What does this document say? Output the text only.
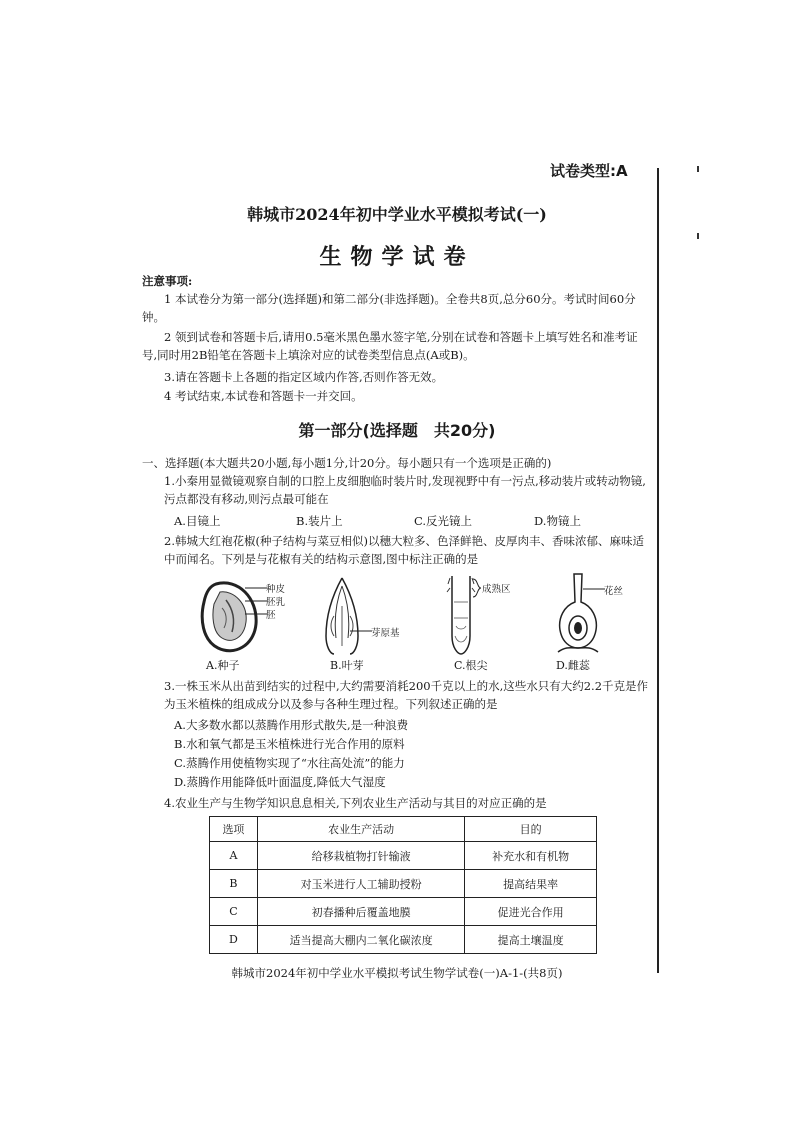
试卷类型:A
韩城市2024年初中学业水平模拟考试(一)
生物学试卷
注意事项:
1 本试卷分为第一部分(选择题)和第二部分(非选择题)。全卷共8页,总分60分。考试时间60分钟。
2 领到试卷和答题卡后,请用0.5毫米黑色墨水签字笔,分别在试卷和答题卡上填写姓名和准考证号,同时用2B铅笔在答题卡上填涂对应的试卷类型信息点(A或B)。
3.请在答题卡上各题的指定区域内作答,否则作答无效。
4 考试结束,本试卷和答题卡一并交回。
第一部分(选择题　共20分)
一、选择题(本大题共20小题,每小题1分,计20分。每小题只有一个选项是正确的)
1.小秦用显微镜观察自制的口腔上皮细胞临时装片时,发现视野中有一污点,移动装片或转动物镜,污点都没有移动,则污点最可能在
A.目镜上	B.装片上	C.反光镜上	D.物镜上
2.韩城大红袍花椒(种子结构与菜豆相似)以穗大粒多、色泽鲜艳、皮厚肉丰、香味浓郁、麻味适中而闻名。下列是与花椒有关的结构示意图,图中标注正确的是
种皮
胚乳
胚
A.种子
芽原基
B.叶芽
成熟区
C.根尖
花丝
D.雌蕊
3.一株玉米从出苗到结实的过程中,大约需要消耗200千克以上的水,这些水只有大约2.2千克是作为玉米植株的组成成分以及参与各种生理过程。下列叙述正确的是
A.大多数水都以蒸腾作用形式散失,是一种浪费
B.水和氧气都是玉米植株进行光合作用的原料
C.蒸腾作用使植物实现了“水往高处流”的能力
D.蒸腾作用能降低叶面温度,降低大气湿度
4.农业生产与生物学知识息息相关,下列农业生产活动与其目的对应正确的是
选项	农业生产活动	目的
A	给移栽植物打针输液	补充水和有机物
B	对玉米进行人工辅助授粉	提高结果率
C	初春播种后覆盖地膜	促进光合作用
D	适当提高大棚内二氧化碳浓度	提高土壤温度
韩城市2024年初中学业水平模拟考试生物学试卷(一)A-1-(共8页)
